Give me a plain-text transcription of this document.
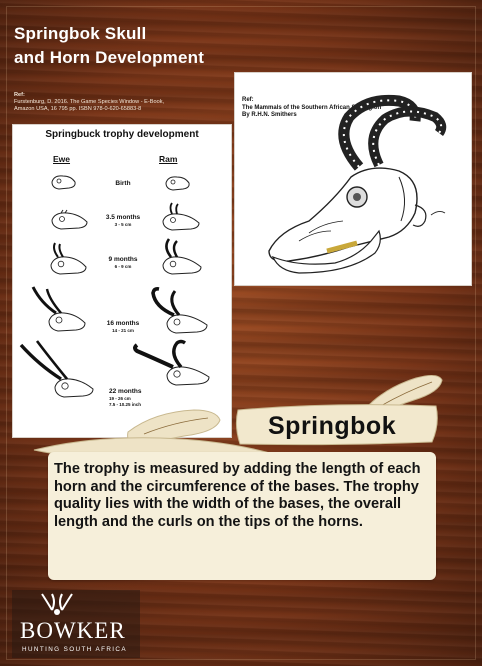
Springbok Skull
and Horn Development
Ref:
Furstenburg, D. 2016. The Game Species Window - E-Book,
Amazon USA, 16 795 pp. ISBN 978-0-620-65883-8
Springbuck trophy development
Ewe	Ram
Birth
3.5 months
3 - 5 cm
9 months
6 - 9 cm
16 months
14 - 21 cm
22 months
19 - 26 cm
7.5 - 10.25 inch
Ref:
The Mammals of the Southern African Subregion
By R.H.N. Smithers
Springbok
The trophy is measured by adding the length of each horn and the circumference of the bases. The trophy quality lies with the width of the bases, the overall length and the curls on the tips of the horns.
BOWKER
HUNTING SOUTH AFRICA
